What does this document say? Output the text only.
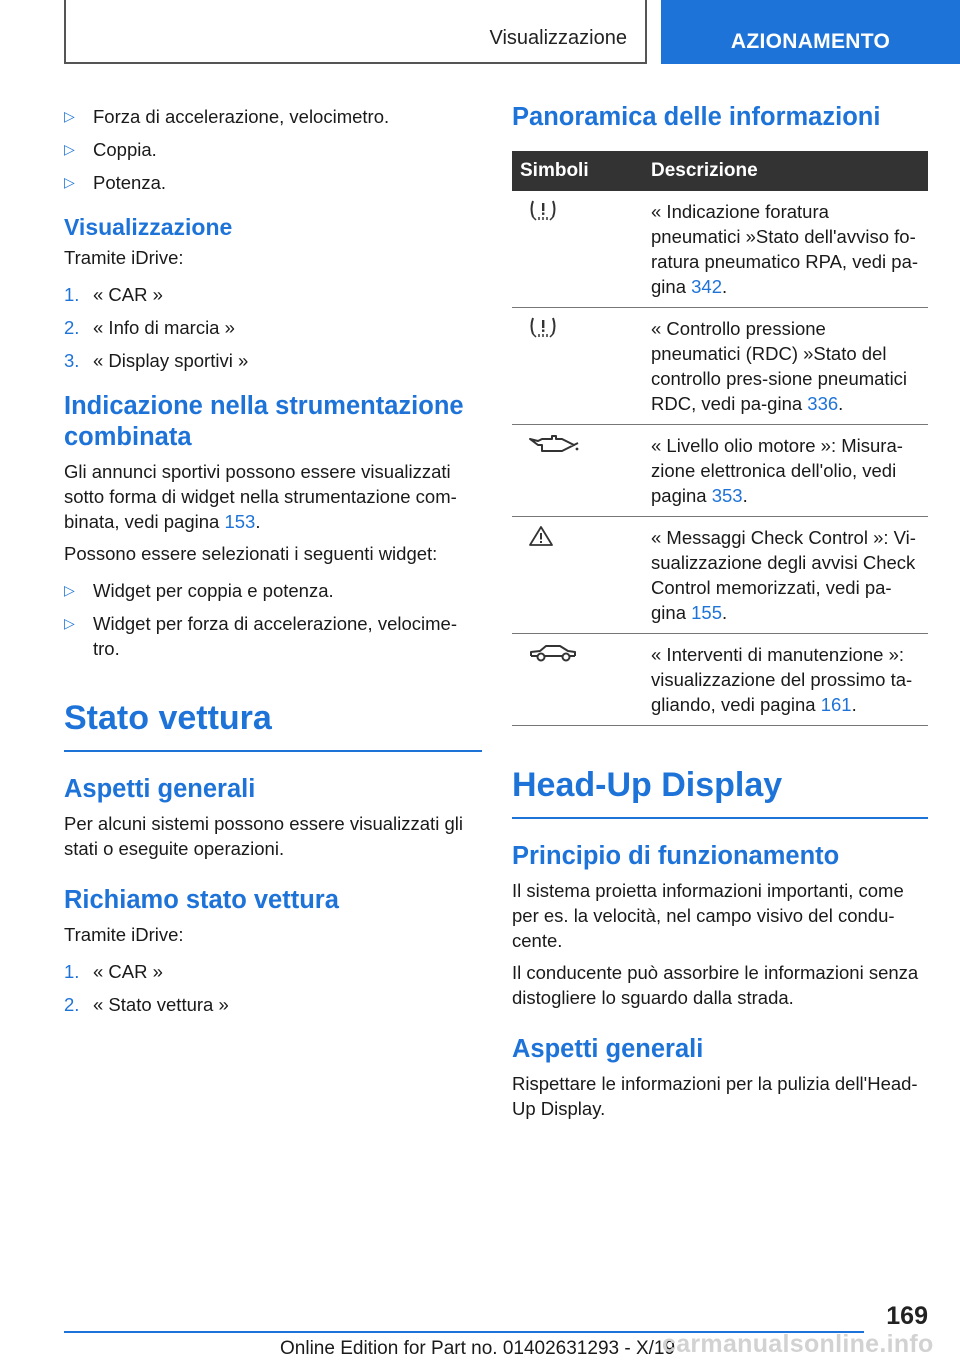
Visualizzazione	AZIONAMENTO
▷ Forza di accelerazione, velocimetro.
▷ Coppia.
▷ Potenza.
Visualizzazione

Tramite iDrive:

1. « CAR »
2. « Info di marcia »
3. « Display sportivi »
Indicazione nella strumentazione combinata

Gli annunci sportivi possono essere visualizzati sotto forma di widget nella strumentazione com-binata, vedi pagina 153.

Possono essere selezionati i seguenti widget:

▷ Widget per coppia e potenza.
▷ Widget per forza di accelerazione, velocime-tro.
Stato vettura
Aspetti generali

Per alcuni sistemi possono essere visualizzati gli stati o eseguite operazioni.

Richiamo stato vettura

Tramite iDrive:

1. « CAR »
2. « Stato vettura »
Panoramica delle informazioni
Simboli	Descrizione

	« Indicazione foratura pneumatici »Stato dell'avviso fo-ratura pneumatico RPA, vedi pa-gina 342.

	« Controllo pressione pneumatici (RDC) »Stato del controllo pres-sione pneumatici RDC, vedi pa-gina 336.

	« Livello olio motore »: Misura-zione elettronica dell'olio, vedi pagina 353.

	« Messaggi Check Control »: Vi-sualizzazione degli avvisi Check Control memorizzati, vedi pa-gina 155.

	« Interventi di manutenzione »: visualizzazione del prossimo ta-gliando, vedi pagina 161.
Head-Up Display
Principio di funzionamento

Il sistema proietta informazioni importanti, come per es. la velocità, nel campo visivo del condu-cente.

Il conducente può assorbire le informazioni senza distogliere lo sguardo dalla strada.

Aspetti generali

Rispettare le informazioni per la pulizia dell'Head-Up Display.

169
Online Edition for Part no. 01402631293 - X/19
carmanualsonline.info
